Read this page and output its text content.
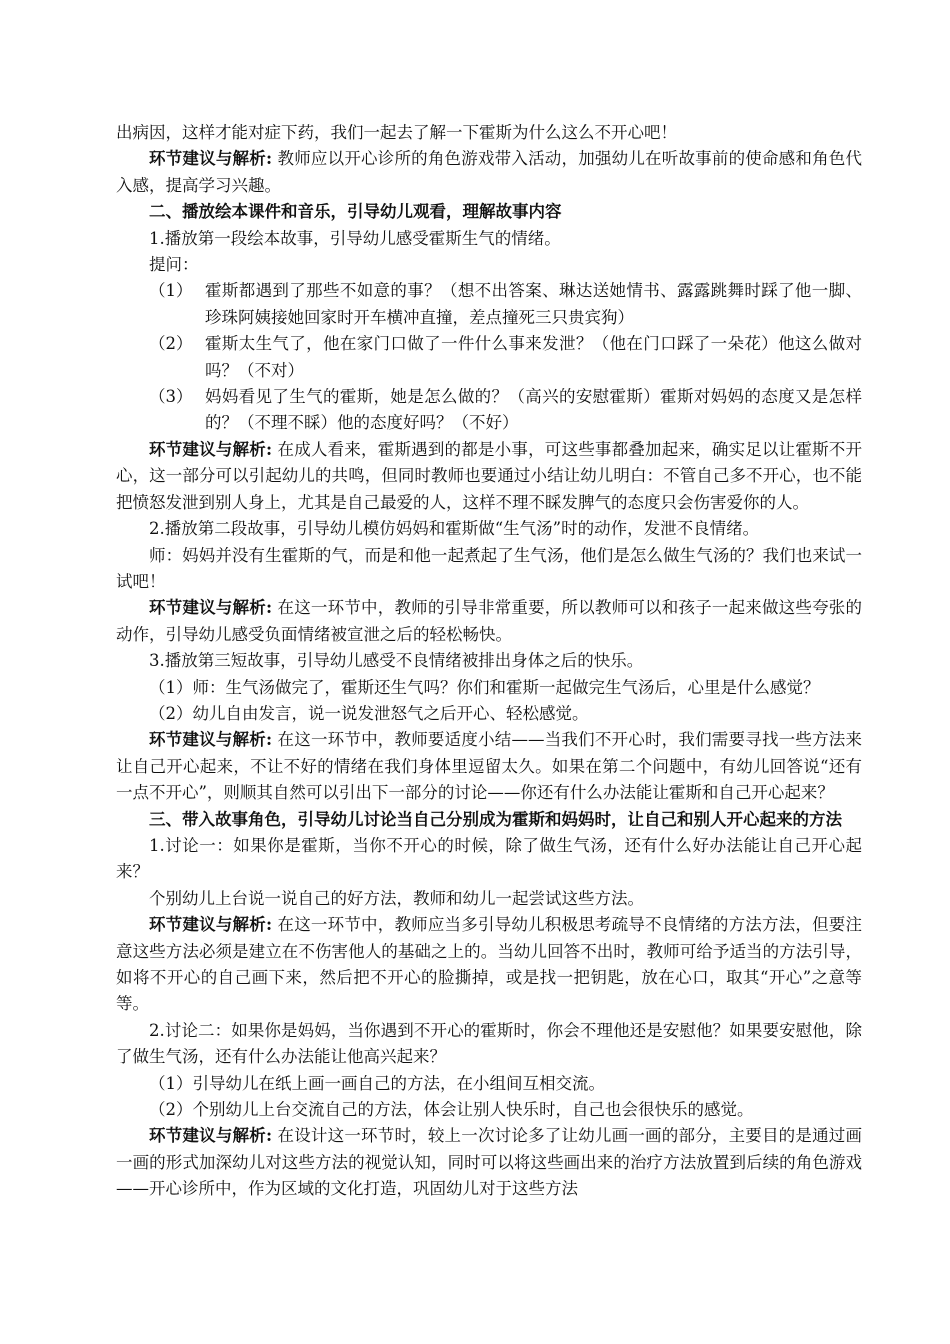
出病因，这样才能对症下药，我们一起去了解一下霍斯为什么这么不开心吧！

环节建议与解析: 教师应以开心诊所的角色游戏带入活动，加强幼儿在听故事前的使命感和角色代入感，提高学习兴趣。

二、播放绘本课件和音乐，引导幼儿观看，理解故事内容

1.播放第一段绘本故事，引导幼儿感受霍斯生气的情绪。

提问：

（1） 霍斯都遇到了那些不如意的事？（想不出答案、琳达送她情书、露露跳舞时踩了他一脚、珍珠阿姨接她回家时开车横冲直撞，差点撞死三只贵宾狗）
（2） 霍斯太生气了，他在家门口做了一件什么事来发泄？（他在门口踩了一朵花）他这么做对吗？（不对）
（3） 妈妈看见了生气的霍斯，她是怎么做的？（高兴的安慰霍斯）霍斯对妈妈的态度又是怎样的？（不理不睬）他的态度好吗？（不好）

环节建议与解析: 在成人看来，霍斯遇到的都是小事，可这些事都叠加起来，确实足以让霍斯不开心，这一部分可以引起幼儿的共鸣，但同时教师也要通过小结让幼儿明白：不管自己多不开心，也不能把愤怒发泄到别人身上，尤其是自己最爱的人，这样不理不睬发脾气的态度只会伤害爱你的人。

2.播放第二段故事，引导幼儿模仿妈妈和霍斯做“生气汤”时的动作，发泄不良情绪。

师：妈妈并没有生霍斯的气，而是和他一起煮起了生气汤，他们是怎么做生气汤的？我们也来试一试吧！

环节建议与解析: 在这一环节中，教师的引导非常重要，所以教师可以和孩子一起来做这些夸张的动作，引导幼儿感受负面情绪被宣泄之后的轻松畅快。

3.播放第三短故事，引导幼儿感受不良情绪被排出身体之后的快乐。

（1）师：生气汤做完了，霍斯还生气吗？你们和霍斯一起做完生气汤后，心里是什么感觉？

（2）幼儿自由发言，说一说发泄怒气之后开心、轻松感觉。

环节建议与解析: 在这一环节中，教师要适度小结——当我们不开心时，我们需要寻找一些方法来让自己开心起来，不让不好的情绪在我们身体里逗留太久。如果在第二个问题中，有幼儿回答说“还有一点不开心”，则顺其自然可以引出下一部分的讨论——你还有什么办法能让霍斯和自己开心起来？

三、带入故事角色，引导幼儿讨论当自己分别成为霍斯和妈妈时，让自己和别人开心起来的方法

1.讨论一：如果你是霍斯，当你不开心的时候，除了做生气汤，还有什么好办法能让自己开心起来？

个别幼儿上台说一说自己的好方法，教师和幼儿一起尝试这些方法。

环节建议与解析: 在这一环节中，教师应当多引导幼儿积极思考疏导不良情绪的方法方法，但要注意这些方法必须是建立在不伤害他人的基础之上的。当幼儿回答不出时，教师可给予适当的方法引导，如将不开心的自己画下来，然后把不开心的脸撕掉，或是找一把钥匙，放在心口，取其“开心”之意等等。

2.讨论二：如果你是妈妈，当你遇到不开心的霍斯时，你会不理他还是安慰他？如果要安慰他，除了做生气汤，还有什么办法能让他高兴起来？

（1）引导幼儿在纸上画一画自己的方法，在小组间互相交流。

（2）个别幼儿上台交流自己的方法，体会让别人快乐时，自己也会很快乐的感觉。

环节建议与解析: 在设计这一环节时，较上一次讨论多了让幼儿画一画的部分，主要目的是通过画一画的形式加深幼儿对这些方法的视觉认知，同时可以将这些画出来的治疗方法放置到后续的角色游戏——开心诊所中，作为区域的文化打造，巩固幼儿对于这些方法
